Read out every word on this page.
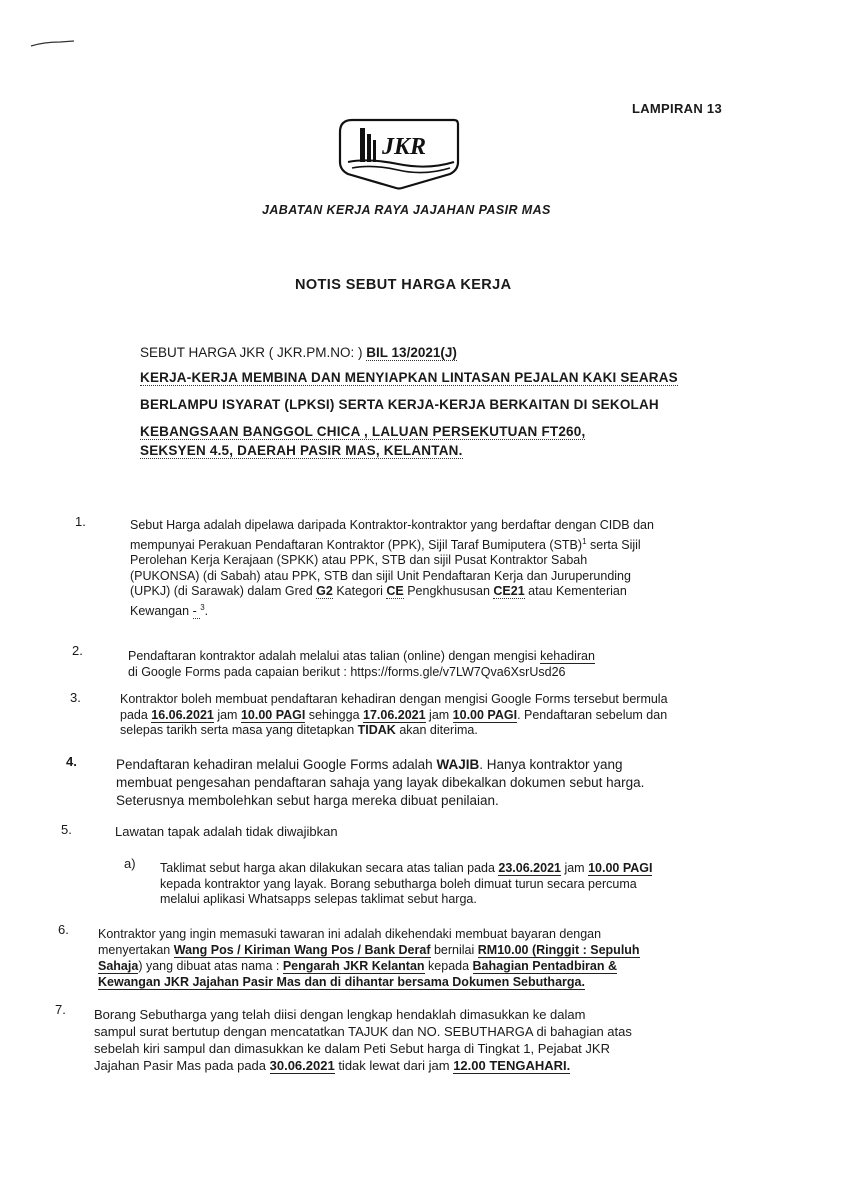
LAMPIRAN 13
JKR
JABATAN KERJA RAYA JAJAHAN PASIR MAS
NOTIS SEBUT HARGA KERJA
SEBUT HARGA JKR ( JKR.PM.NO: ) BIL 13/2021(J)
KERJA-KERJA MEMBINA DAN MENYIAPKAN LINTASAN PEJALAN KAKI SEARAS
BERLAMPU ISYARAT (LPKSI) SERTA KERJA-KERJA BERKAITAN DI SEKOLAH
KEBANGSAAN BANGGOL CHICA , LALUAN PERSEKUTUAN FT260,
SEKSYEN 4.5, DAERAH PASIR MAS, KELANTAN.
1.	Sebut Harga adalah dipelawa daripada Kontraktor-kontraktor yang berdaftar dengan CIDB dan
mempunyai Perakuan Pendaftaran Kontraktor (PPK), Sijil Taraf Bumiputera (STB)$^1$ serta Sijil
Perolehan Kerja Kerajaan (SPKK) atau PPK, STB dan sijil Pusat Kontraktor Sabah
(PUKONSA) (di Sabah) atau PPK, STB dan sijil Unit Pendaftaran Kerja dan Juruperunding
(UPKJ) (di Sarawak) dalam Gred G2 Kategori CE Pengkhususan CE21 atau Kementerian
Kewangan - $^3$.
2.	Pendaftaran kontraktor adalah melalui atas talian (online) dengan mengisi kehadiran
di Google Forms pada capaian berikut : https://forms.gle/v7LW7Qva6XsrUsd26
3.	Kontraktor boleh membuat pendaftaran kehadiran dengan mengisi Google Forms tersebut bermula
pada 16.06.2021 jam 10.00 PAGI sehingga 17.06.2021 jam 10.00 PAGI. Pendaftaran sebelum dan
selepas tarikh serta masa yang ditetapkan TIDAK akan diterima.
4.	Pendaftaran kehadiran melalui Google Forms adalah WAJIB. Hanya kontraktor yang
membuat pengesahan pendaftaran sahaja yang layak dibekalkan dokumen sebut harga.
Seterusnya membolehkan sebut harga mereka dibuat penilaian.
5.	Lawatan tapak adalah tidak diwajibkan
a) Taklimat sebut harga akan dilakukan secara atas talian pada 23.06.2021 jam 10.00 PAGI
kepada kontraktor yang layak. Borang sebutharga boleh dimuat turun secara percuma
melalui aplikasi Whatsapps selepas taklimat sebut harga.
6. Kontraktor yang ingin memasuki tawaran ini adalah dikehendaki membuat bayaran dengan
menyertakan Wang Pos / Kiriman Wang Pos / Bank Deraf bernilai RM10.00 (Ringgit : Sepuluh
Sahaja) yang dibuat atas nama : Pengarah JKR Kelantan kepada Bahagian Pentadbiran &
Kewangan JKR Jajahan Pasir Mas dan di dihantar bersama Dokumen Sebutharga.
7. Borang Sebutharga yang telah diisi dengan lengkap hendaklah dimasukkan ke dalam
sampul surat bertutup dengan mencatatkan TAJUK dan NO. SEBUTHARGA di bahagian atas
sebelah kiri sampul dan dimasukkan ke dalam Peti Sebut harga di Tingkat 1, Pejabat JKR
Jajahan Pasir Mas pada pada 30.06.2021 tidak lewat dari jam 12.00 TENGAHARI.
